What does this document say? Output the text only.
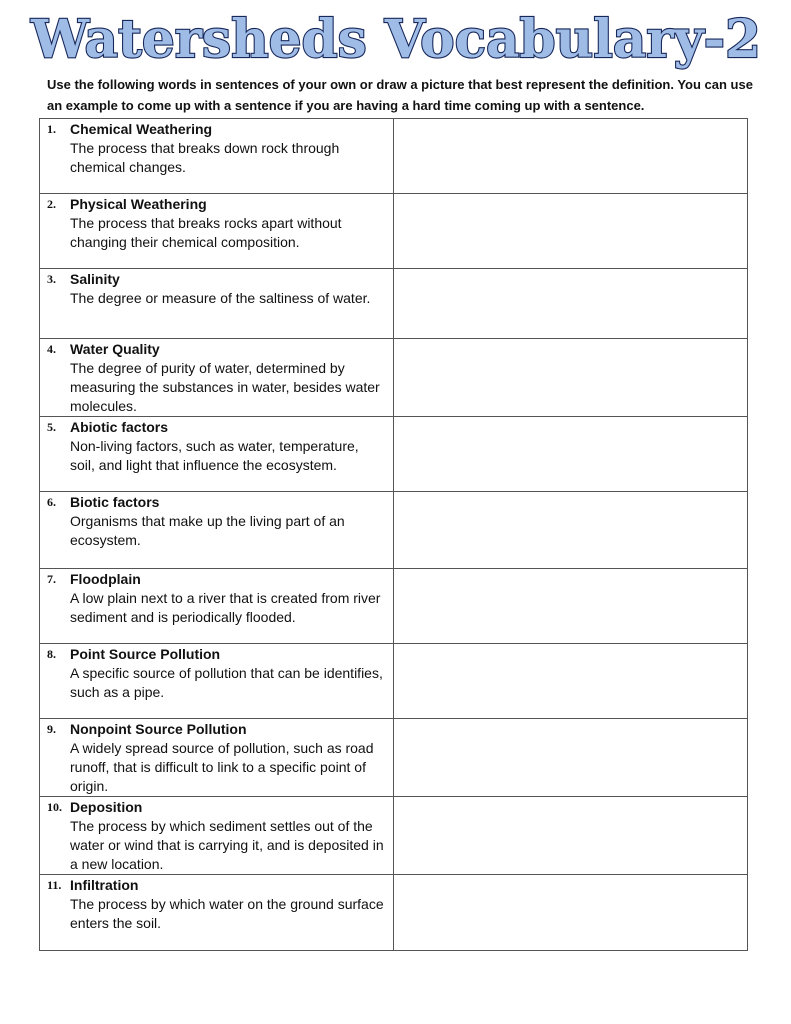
Watersheds Vocabulary-2
Use the following words in sentences of your own or draw a picture that best represent the definition. You can use an example to come up with a sentence if you are having a hard time coming up with a sentence.
1. Chemical Weathering
The process that breaks down rock through chemical changes.	

2. Physical Weathering
The process that breaks rocks apart without changing their chemical composition.	

3. Salinity
The degree or measure of the saltiness of water.	

4. Water Quality
The degree of purity of water, determined by measuring the substances in water, besides water molecules.	

5. Abiotic factors
Non-living factors, such as water, temperature, soil, and light that influence the ecosystem.	

6. Biotic factors
Organisms that make up the living part of an ecosystem.	

7. Floodplain
A low plain next to a river that is created from river sediment and is periodically flooded.	

8. Point Source Pollution
A specific source of pollution that can be identifies, such as a pipe.	

9. Nonpoint Source Pollution
A widely spread source of pollution, such as road runoff, that is difficult to link to a specific point of origin.	

10. Deposition
The process by which sediment settles out of the water or wind that is carrying it, and is deposited in a new location.	

11. Infiltration
The process by which water on the ground surface enters the soil.	
